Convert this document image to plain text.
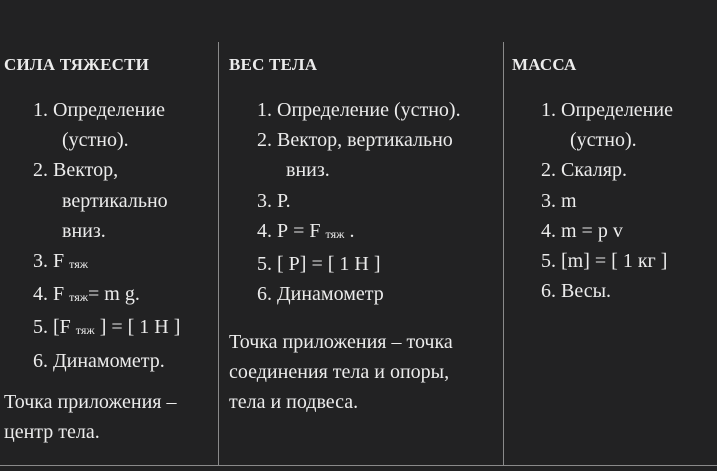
СИЛА ТЯЖЕСТИ
1. Определение
(устно).
2. Вектор,
вертикально
вниз.
3. F $_{тяж}$
4. F $_{тяж}$= m g.
5. [F $_{тяж}$ ] = [ 1 Н ]
6. Динамометр.
Точка приложения –
центр тела.
ВЕС ТЕЛА
1. Определение (устно).
2. Вектор, вертикально
вниз.
3. Р.
4. Р = F $_{тяж}$ .
5. [ Р] = [ 1 Н ]
6. Динамометр
Точка приложения – точка
соединения тела и опоры,
тела и подвеса.
МАССА
1. Определение
(устно).
2. Скаляр.
3. m
4. m = p v
5. [m] = [ 1 кг ]
6. Весы.
